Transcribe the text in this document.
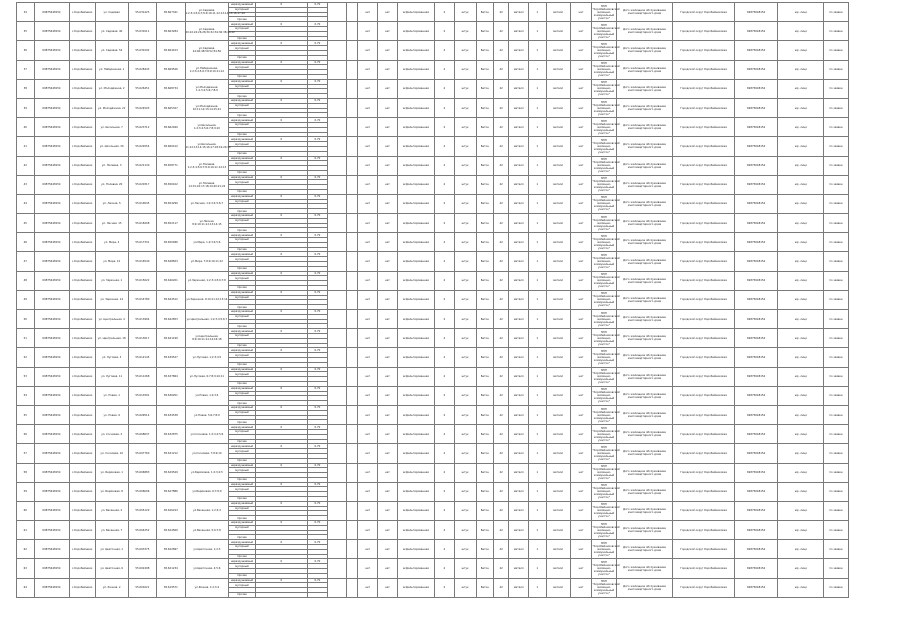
34	69875648154	с.Коробейники	ул. Садовая	55.631423	38.667341	ул.Садовая, 1;2;3;4;5;6;7;8;9;10;11;12;13;14;15;16;17;18	неразрушаемый	0	0.70			нет	нет	асфальтированная	4	штук	Бетон	42	металл	1	металл	нет	МУП "Коробейниковский жилищно-коммунальный участок"	Дого жилищное обслуживание многоквартирного дома	Городской округ Коробейниковка	69875648154	юр. лицо	по заявке
							мусорный																					

							прочее																					
35	69875648154	с.Коробейники	ул. Садовая, 40	55.631011	38.663284	ул.Садовая, 20;22;24;26;28;30;32;34;36;38;40;42	неразрушаемый	0	0.70			нет	нет	асфальтированная	4	штук	Бетон	42	металл	1	металл	нет	МУП "Коробейниковский жилищно-коммунальный участок"	Дого жилищное обслуживание многоквартирного дома	Городской округ Коробейниковка	69875648154	юр. лицо	по заявке
							мусорный																					

							прочее																					
36	69875648154	с.Коробейники	ул. Садовая, 52	55.630192	38.664103	ул.Садовая, 44;46;48;50;52;54;56	неразрушаемый	0	0.70			нет	нет	асфальтированная	4	штук	Бетон	42	металл	1	металл	нет	МУП "Коробейниковский жилищно-коммунальный участок"	Дого жилищное обслуживание многоквартирного дома	Городской округ Коробейниковка	69875648154	юр. лицо	по заявке
							мусорный																					

							прочее																					
37	69875648154	с.Коробейники	ул. Набережная, 1	55.628443	38.669526	ул.Набережная, 1;2;3;4;5;6;7;8;9;10;11;12	неразрушаемый	0	0.70			нет	нет	асфальтированная	4	штук	Бетон	42	металл	1	металл	нет	МУП "Коробейниковский жилищно-коммунальный участок"	Дого жилищное обслуживание многоквартирного дома	Городской округ Коробейниковка	69875648154	юр. лицо	по заявке
							мусорный																					

							прочее																					
38	69875648154	с.Коробейники	ул. Молодёжная, 2	55.626451	38.668734	ул.Молодёжная, 1;2;3;4;5;6;7;8;9	неразрушаемый	0	0.70			нет	нет	асфальтированная	4	штук	Бетон	42	металл	1	металл	нет	МУП "Коробейниковский жилищно-коммунальный участок"	Дого жилищное обслуживание многоквартирного дома	Городской округ Коробейниковка	69875648154	юр. лицо	по заявке
							мусорный																					

							прочее																					
39	69875648154	с.Коробейники	ул. Молодёжная, 21	55.624503	38.665327	ул.Молодёжная, 10;11;12;13;14;15;21	неразрушаемый	0	0.70			нет	нет	асфальтированная	4	штук	Бетон	42	металл	1	металл	нет	МУП "Коробейниковский жилищно-коммунальный участок"	Дого жилищное обслуживание многоквартирного дома	Городской округ Коробейниковка	69875648154	юр. лицо	по заявке
							мусорный																					

							прочее																					
40	69875648154	с.Коробейники	ул. Школьная, 7	55.623712	38.662940	ул.Школьная, 1;2;3;4;5;6;7;8;9;10	неразрушаемый	0	0.70			нет	нет	асфальтированная	4	штук	Бетон	42	металл	1	металл	нет	МУП "Коробейниковский жилищно-коммунальный участок"	Дого жилищное обслуживание многоквартирного дома	Городской округ Коробейниковка	69875648154	юр. лицо	по заявке
							мусорный																					

							прочее																					
41	69875648154	с.Коробейники	ул. Школьная, 30	55.622054	38.660412	ул.Школьная, 11;12;13;14;15;16;17;18;19;20;30	неразрушаемый	0	0.70			нет	нет	асфальтированная	4	штук	Бетон	42	металл	1	металл	нет	МУП "Коробейниковский жилищно-коммунальный участок"	Дого жилищное обслуживание многоквартирного дома	Городской округ Коробейниковка	69875648154	юр. лицо	по заявке
							мусорный																					

							прочее																					
42	69875648154	с.Коробейники	ул. Полевая, 3	55.621130	38.658771	ул.Полевая, 1;2;3;4;5;6;7;8;9;10;11;12;13	неразрушаемый	0	0.70			нет	нет	асфальтированная	4	штук	Бетон	42	металл	1	металл	нет	МУП "Коробейниковский жилищно-коммунальный участок"	Дого жилищное обслуживание многоквартирного дома	Городской округ Коробейниковка	69875648154	юр. лицо	по заявке
							мусорный																					

							прочее																					
43	69875648154	с.Коробейники	ул. Полевая, 20	55.620317	38.656102	ул.Полевая, 14;15;16;17;18;19;20;21;22	неразрушаемый	0	0.70			нет	нет	асфальтированная	4	штук	Бетон	42	металл	1	металл	нет	МУП "Коробейниковский жилищно-коммунальный участок"	Дого жилищное обслуживание многоквартирного дома	Городской округ Коробейниковка	69875648154	юр. лицо	по заявке
							мусорный																					

							прочее																					
44	69875648154	с.Коробейники	ул. Лесная, 5	55.619045	38.654290	ул.Лесная, 1;2;3;4;5;6;7	неразрушаемый	0	0.70			нет	нет	асфальтированная	4	штук	Бетон	42	металл	1	металл	нет	МУП "Коробейниковский жилищно-коммунальный участок"	Дого жилищное обслуживание многоквартирного дома	Городской округ Коробейниковка	69875648154	юр. лицо	по заявке
							мусорный																					

							прочее																					
45	69875648154	с.Коробейники	ул. Лесная, 15	55.618208	38.652117	ул.Лесная, 8;9;10;11;12;13;14;15	неразрушаемый	0	0.70			нет	нет	асфальтированная	4	штук	Бетон	42	металл	1	металл	нет	МУП "Коробейниковский жилищно-коммунальный участок"	Дого жилищное обслуживание многоквартирного дома	Городской округ Коробейниковка	69875648154	юр. лицо	по заявке
							мусорный																					

							прочее																					
46	69875648154	с.Коробейники	ул. Мира, 2	55.617331	38.650486	ул.Мира, 1;2;3;4;5;6	неразрушаемый	0	0.70			нет	нет	асфальтированная	4	штук	Бетон	42	металл	1	металл	нет	МУП "Коробейниковский жилищно-коммунальный участок"	Дого жилищное обслуживание многоквартирного дома	Городской округ Коробейниковка	69875648154	юр. лицо	по заявке
							мусорный																					

							прочее																					
47	69875648154	с.Коробейники	ул. Мира, 12	55.616540	38.648823	ул.Мира, 7;8;9;10;11;12	неразрушаемый	0	0.70			нет	нет	асфальтированная	4	штук	Бетон	42	металл	1	металл	нет	МУП "Коробейниковский жилищно-коммунальный участок"	Дого жилищное обслуживание многоквартирного дома	Городской округ Коробейниковка	69875648154	юр. лицо	по заявке
							мусорный																					

							прочее																					
48	69875648154	с.Коробейники	ул. Заречная, 1	55.615622	38.646201	ул.Заречная, 1;2;3;4;5;6;7;8	неразрушаемый	0	0.70			нет	нет	асфальтированная	4	штук	Бетон	42	металл	1	металл	нет	МУП "Коробейниковский жилищно-коммунальный участок"	Дого жилищное обслуживание многоквартирного дома	Городской округ Коробейниковка	69875648154	юр. лицо	по заявке
							мусорный																					

							прочее																					
49	69875648154	с.Коробейники	ул. Заречная, 14	55.614780	38.644512	ул.Заречная, 9;10;11;12;13;14	неразрушаемый	0	0.70			нет	нет	асфальтированная	4	штук	Бетон	42	металл	1	металл	нет	МУП "Коробейниковский жилищно-коммунальный участок"	Дого жилищное обслуживание многоквартирного дома	Городской округ Коробейниковка	69875648154	юр. лицо	по заявке
							мусорный																					

							прочее																					
50	69875648154	с.Коробейники	ул. Центральная, 4	55.613904	38.642853	ул.Центральная, 1;2;3;4;5;6;7	неразрушаемый	0	0.70			нет	нет	асфальтированная	4	штук	Бетон	42	металл	1	металл	нет	МУП "Коробейниковский жилищно-коммунальный участок"	Дого жилищное обслуживание многоквартирного дома	Городской округ Коробейниковка	69875648154	юр. лицо	по заявке
							мусорный																					

							прочее																					
51	69875648154	с.Коробейники	ул. Центральная, 18	55.613017	38.641190	ул.Центральная, 8;9;10;11;12;14;16;18	неразрушаемый	0	0.70			нет	нет	асфальтированная	4	штук	Бетон	42	металл	1	металл	нет	МУП "Коробейниковский жилищно-коммунальный участок"	Дого жилищное обслуживание многоквартирного дома	Городской округ Коробейниковка	69875648154	юр. лицо	по заявке
							мусорный																					

							прочее																					
52	69875648154	с.Коробейники	ул. Луговая, 3	55.612145	38.639527	ул.Луговая, 1;2;3;4;5	неразрушаемый	0	0.70			нет	нет	асфальтированная	4	штук	Бетон	42	металл	1	металл	нет	МУП "Коробейниковский жилищно-коммунальный участок"	Дого жилищное обслуживание многоквартирного дома	Городской округ Коробейниковка	69875648154	юр. лицо	по заявке
							мусорный																					

							прочее																					
53	69875648154	с.Коробейники	ул. Луговая, 11	55.611268	38.637864	ул.Луговая, 6;7;8;9;10;11	неразрушаемый	0	0.70			нет	нет	асфальтированная	4	штук	Бетон	42	металл	1	металл	нет	МУП "Коробейниковский жилищно-коммунальный участок"	Дого жилищное обслуживание многоквартирного дома	Городской округ Коробейниковка	69875648154	юр. лицо	по заявке
							мусорный																					

							прочее																					
54	69875648154	с.Коробейники	ул. Новая, 1	55.610391	38.636201	ул.Новая, 1;2;3;4	неразрушаемый	0	0.70			нет	нет	асфальтированная	4	штук	Бетон	42	металл	1	металл	нет	МУП "Коробейниковский жилищно-коммунальный участок"	Дого жилищное обслуживание многоквартирного дома	Городской округ Коробейниковка	69875648154	юр. лицо	по заявке
							мусорный																					

							прочее																					
55	69875648154	с.Коробейники	ул. Новая, 9	55.609514	38.634538	ул.Новая, 5;6;7;8;9	неразрушаемый	0	0.70			нет	нет	асфальтированная	4	штук	Бетон	42	металл	1	металл	нет	МУП "Коробейниковский жилищно-коммунальный участок"	Дого жилищное обслуживание многоквартирного дома	Городской округ Коробейниковка	69875648154	юр. лицо	по заявке
							мусорный																					

							прочее																					
56	69875648154	с.Коробейники	ул. Сосновая, 2	55.608637	38.632875	ул.Сосновая, 1;2;3;4;5;6	неразрушаемый	0	0.70			нет	нет	асфальтированная	4	штук	Бетон	42	металл	1	металл	нет	МУП "Коробейниковский жилищно-коммунальный участок"	Дого жилищное обслуживание многоквартирного дома	Городской округ Коробейниковка	69875648154	юр. лицо	по заявке
							мусорный																					

							прочее																					
57	69875648154	с.Коробейники	ул. Сосновая, 10	55.607760	38.631212	ул.Сосновая, 7;8;9;10	неразрушаемый	0	0.70			нет	нет	асфальтированная	4	штук	Бетон	42	металл	1	металл	нет	МУП "Коробейниковский жилищно-коммунальный участок"	Дого жилищное обслуживание многоквартирного дома	Городской округ Коробейниковка	69875648154	юр. лицо	по заявке
							мусорный																					

							прочее																					
58	69875648154	с.Коробейники	ул. Берёзовая, 1	55.606883	38.629549	ул.Берёзовая, 1;2;3;4;5	неразрушаемый	0	0.70			нет	нет	асфальтированная	4	штук	Бетон	42	металл	1	металл	нет	МУП "Коробейниковский жилищно-коммунальный участок"	Дого жилищное обслуживание многоквартирного дома	Городской округ Коробейниковка	69875648154	юр. лицо	по заявке
							мусорный																					

							прочее																					
59	69875648154	с.Коробейники	ул. Берёзовая, 8	55.606006	38.627886	ул.Берёзовая, 6;7;8;9	неразрушаемый	0	0.70			нет	нет	асфальтированная	4	штук	Бетон	42	металл	1	металл	нет	МУП "Коробейниковский жилищно-коммунальный участок"	Дого жилищное обслуживание многоквартирного дома	Городской округ Коробейниковка	69875648154	юр. лицо	по заявке
							мусорный																					

							прочее																					
60	69875648154	с.Коробейники	ул. Весенняя, 2	55.605129	38.626223	ул.Весенняя, 1;2;3;4	неразрушаемый	0	0.70			нет	нет	асфальтированная	4	штук	Бетон	42	металл	1	металл	нет	МУП "Коробейниковский жилищно-коммунальный участок"	Дого жилищное обслуживание многоквартирного дома	Городской округ Коробейниковка	69875648154	юр. лицо	по заявке
							мусорный																					

							прочее																					
61	69875648154	с.Коробейники	ул. Весенняя, 7	55.604252	38.624560	ул.Весенняя, 5;6;7;8	неразрушаемый	0	0.70			нет	нет	асфальтированная	4	штук	Бетон	42	металл	1	металл	нет	МУП "Коробейниковский жилищно-коммунальный участок"	Дого жилищное обслуживание многоквартирного дома	Городской округ Коробейниковка	69875648154	юр. лицо	по заявке
							мусорный																					

							прочее																					
62	69875648154	с.Коробейники	ул. Цветочная, 1	55.603375	38.622897	ул.Цветочная, 1;2;3	неразрушаемый	0	0.70			нет	нет	асфальтированная	4	штук	Бетон	42	металл	1	металл	нет	МУП "Коробейниковский жилищно-коммунальный участок"	Дого жилищное обслуживание многоквартирного дома	Городской округ Коробейниковка	69875648154	юр. лицо	по заявке
							мусорный																					

							прочее																					
63	69875648154	с.Коробейники	ул. Цветочная, 6	55.602498	38.621234	ул.Цветочная, 4;5;6	неразрушаемый	0	0.70			нет	нет	асфальтированная	4	штук	Бетон	42	металл	1	металл	нет	МУП "Коробейниковский жилищно-коммунальный участок"	Дого жилищное обслуживание многоквартирного дома	Городской округ Коробейниковка	69875648154	юр. лицо	по заявке
							мусорный																					

							прочее																					
64	69875648154	с.Коробейники	ул. Речная, 2	55.601621	38.619571	ул.Речная, 1;2;3;4	неразрушаемый	0	0.70			нет	нет	асфальтированная	4	штук	Бетон	42	металл	1	металл	нет	МУП "Коробейниковский жилищно-коммунальный участок"	Дого жилищное обслуживание многоквартирного дома	Городской округ Коробейниковка	69875648154	юр. лицо	по заявке
							мусорный																					

							прочее																					
